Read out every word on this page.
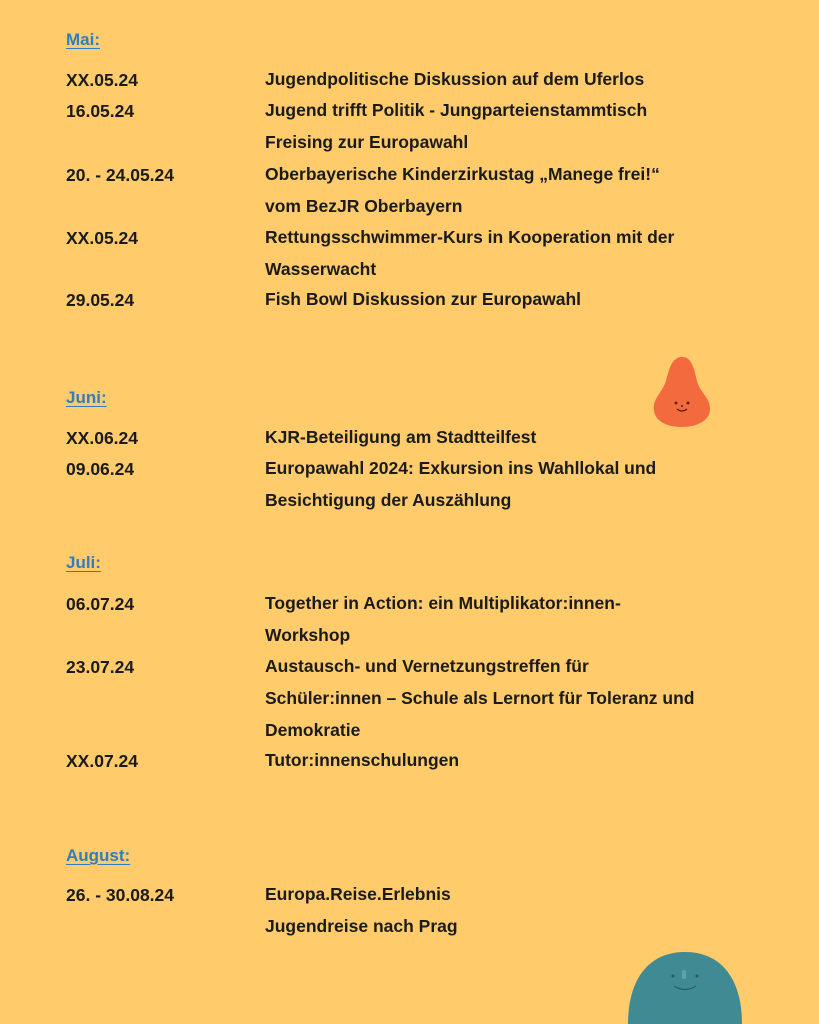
Mai:
XX.05.24	Jugendpolitische Diskussion auf dem Uferlos
16.05.24	Jugend trifft Politik - Jungparteienstammtisch
Freising zur Europawahl
20. - 24.05.24	Oberbayerische Kinderzirkustag „Manege frei!“
vom BezJR Oberbayern
XX.05.24	Rettungsschwimmer-Kurs in Kooperation mit der
Wasserwacht
29.05.24	Fish Bowl Diskussion zur Europawahl
Juni:
XX.06.24	KJR-Beteiligung am Stadtteilfest
09.06.24	Europawahl 2024: Exkursion ins Wahllokal und
Besichtigung der Auszählung
Juli:
06.07.24	Together in Action: ein Multiplikator:innen-
Workshop
23.07.24	Austausch- und Vernetzungstreffen für
Schüler:innen – Schule als Lernort für Toleranz und
Demokratie
XX.07.24	Tutor:innenschulungen
August:
26. - 30.08.24	Europa.Reise.Erlebnis
Jugendreise nach Prag
